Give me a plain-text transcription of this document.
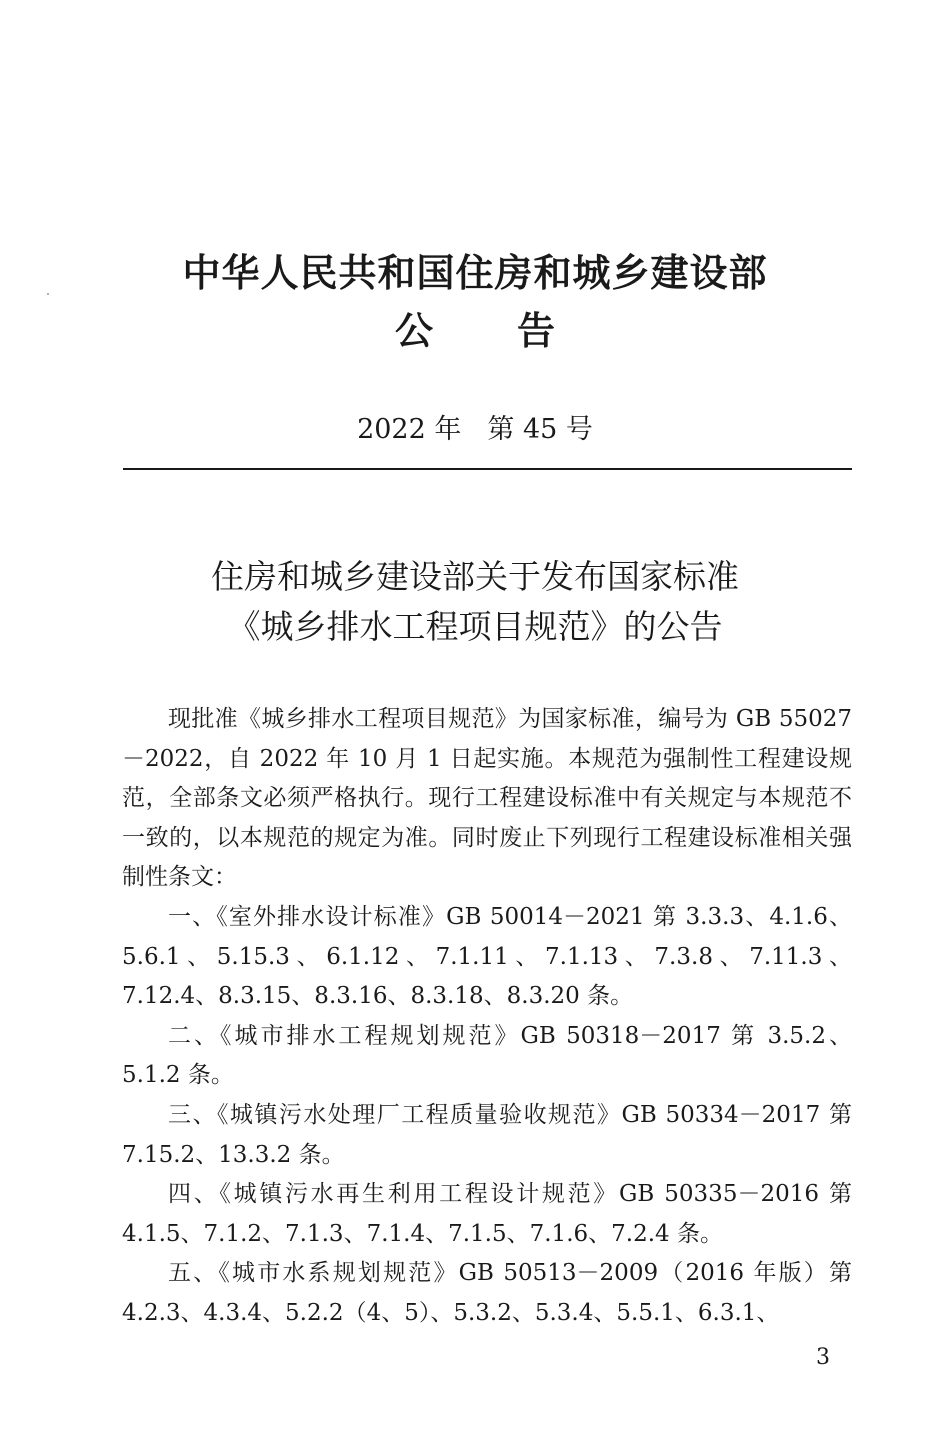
中华人民共和国住房和城乡建设部
公 告
2022 年 第 45 号
住房和城乡建设部关于发布国家标准
《城乡排水工程项目规范》的公告

现批准《城乡排水工程项目规范》为国家标准，编号为 GB 55027－2022，自 2022 年 10 月 1 日起实施。本规范为强制性工程建设规范，全部条文必须严格执行。现行工程建设标准中有关规定与本规范不一致的，以本规范的规定为准。同时废止下列现行工程建设标准相关强制性条文：

一、《室外排水设计标准》GB 50014－2021 第 3.3.3、4.1.6、5.6.1、5.15.3、6.1.12、7.1.11、7.1.13、7.3.8、7.11.3、7.12.4、8.3.15、8.3.16、8.3.18、8.3.20 条。

二、《城市排水工程规划规范》GB 50318－2017 第 3.5.2、5.1.2 条。

三、《城镇污水处理厂工程质量验收规范》GB 50334－2017 第 7.15.2、13.3.2 条。

四、《城镇污水再生利用工程设计规范》GB 50335－2016 第 4.1.5、7.1.2、7.1.3、7.1.4、7.1.5、7.1.6、7.2.4 条。

五、《城市水系规划规范》GB 50513－2009（2016 年版）第 4.2.3、4.3.4、5.2.2（4、5）、5.3.2、5.3.4、5.5.1、6.3.1、

3
